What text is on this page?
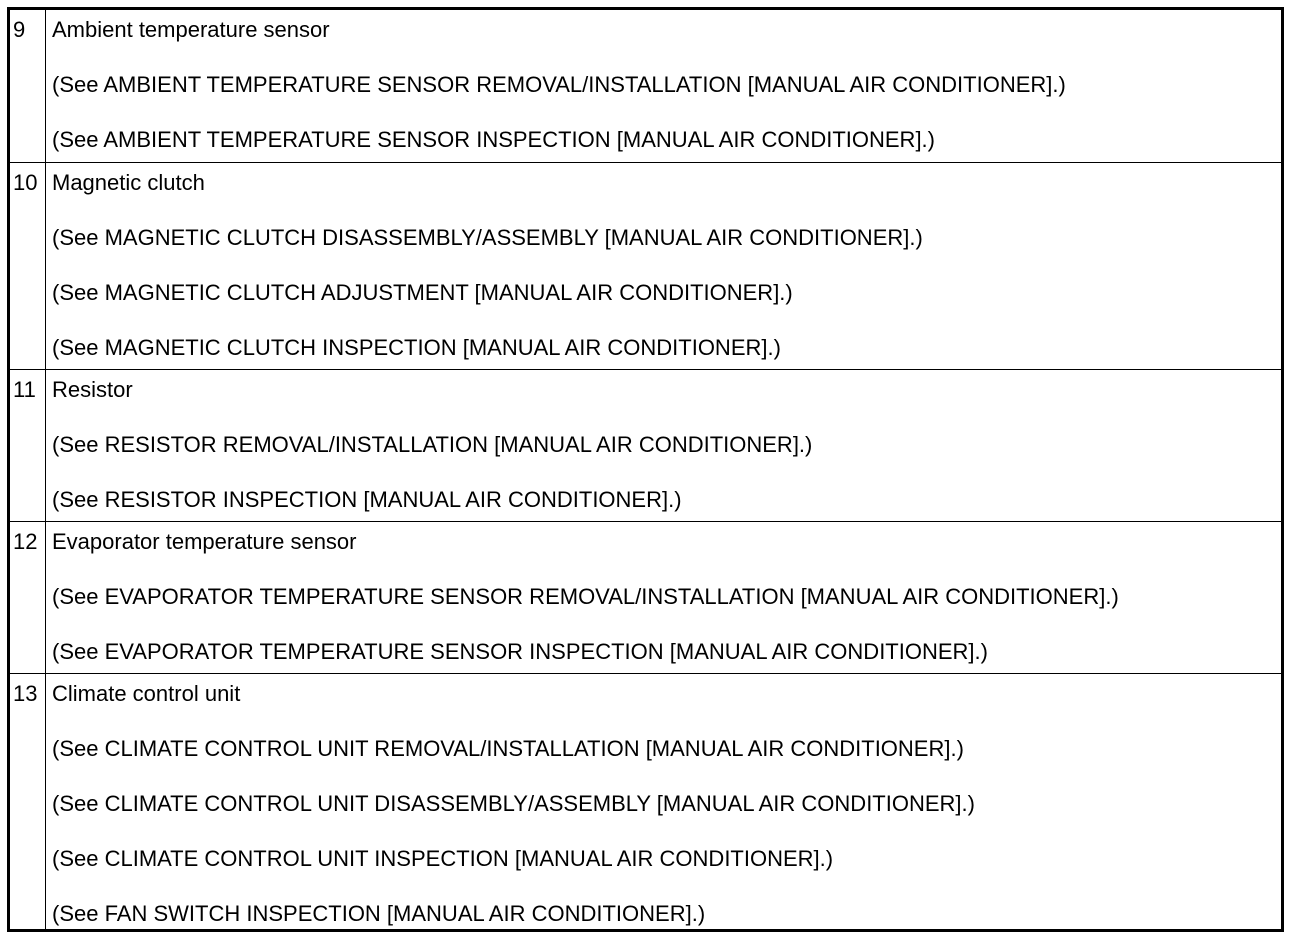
9	Ambient temperature sensor
(See AMBIENT TEMPERATURE SENSOR REMOVAL/INSTALLATION [MANUAL AIR CONDITIONER].)
(See AMBIENT TEMPERATURE SENSOR INSPECTION [MANUAL AIR CONDITIONER].)
10 Magnetic clutch
(See MAGNETIC CLUTCH DISASSEMBLY/ASSEMBLY [MANUAL AIR CONDITIONER].)
(See MAGNETIC CLUTCH ADJUSTMENT [MANUAL AIR CONDITIONER].)
(See MAGNETIC CLUTCH INSPECTION [MANUAL AIR CONDITIONER].)
11 Resistor
(See RESISTOR REMOVAL/INSTALLATION [MANUAL AIR CONDITIONER].)
(See RESISTOR INSPECTION [MANUAL AIR CONDITIONER].)
12 Evaporator temperature sensor
(See EVAPORATOR TEMPERATURE SENSOR REMOVAL/INSTALLATION [MANUAL AIR CONDITIONER].)
(See EVAPORATOR TEMPERATURE SENSOR INSPECTION [MANUAL AIR CONDITIONER].)
13 Climate control unit
(See CLIMATE CONTROL UNIT REMOVAL/INSTALLATION [MANUAL AIR CONDITIONER].)
(See CLIMATE CONTROL UNIT DISASSEMBLY/ASSEMBLY [MANUAL AIR CONDITIONER].)
(See CLIMATE CONTROL UNIT INSPECTION [MANUAL AIR CONDITIONER].)
(See FAN SWITCH INSPECTION [MANUAL AIR CONDITIONER].)
